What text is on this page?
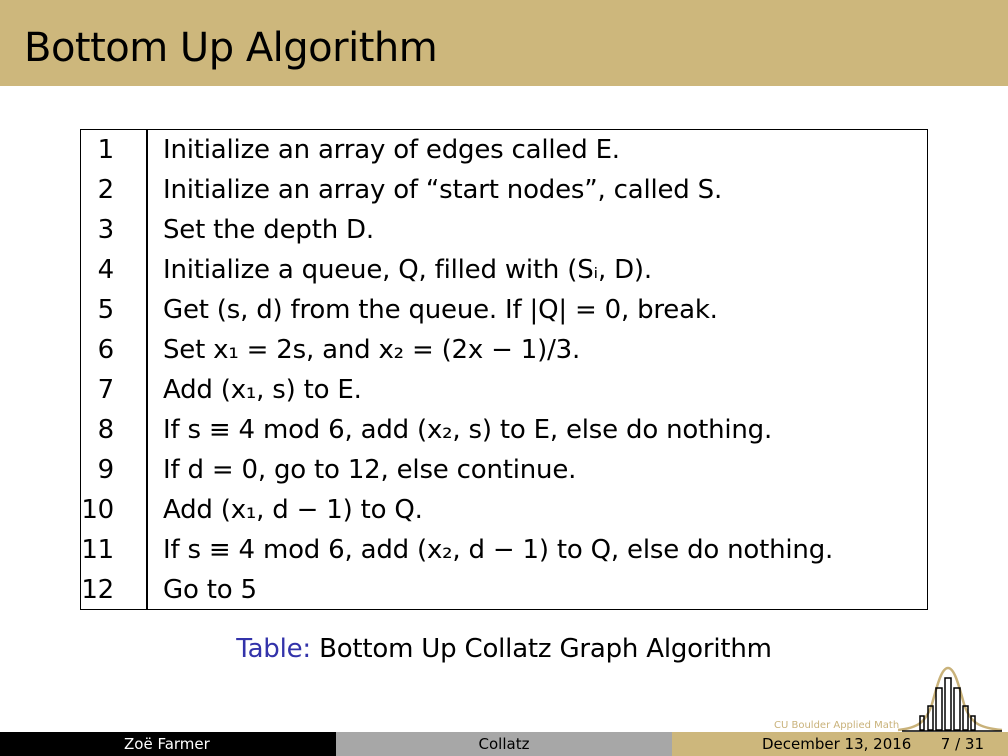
Bottom Up Algorithm
1 Initialize an array of edges called E.
2 Initialize an array of “start nodes”, called S.
3 Set the depth D.
4 Initialize a queue, Q, filled with (Sᵢ, D).
5 Get (s, d) from the queue. If |Q| = 0, break.
6 Set x₁ = 2s, and x₂ = (2x − 1)/3.
7 Add (x₁, s) to E.
8 If s ≡ 4 mod 6, add (x₂, s) to E, else do nothing.
9 If d = 0, go to 12, else continue.
10 Add (x₁, d − 1) to Q.
11 If s ≡ 4 mod 6, add (x₂, d − 1) to Q, else do nothing.
12 Go to 5
Table: Bottom Up Collatz Graph Algorithm
CU Boulder Applied Math
Zoë Farmer	Collatz	December 13, 2016 7 / 31
